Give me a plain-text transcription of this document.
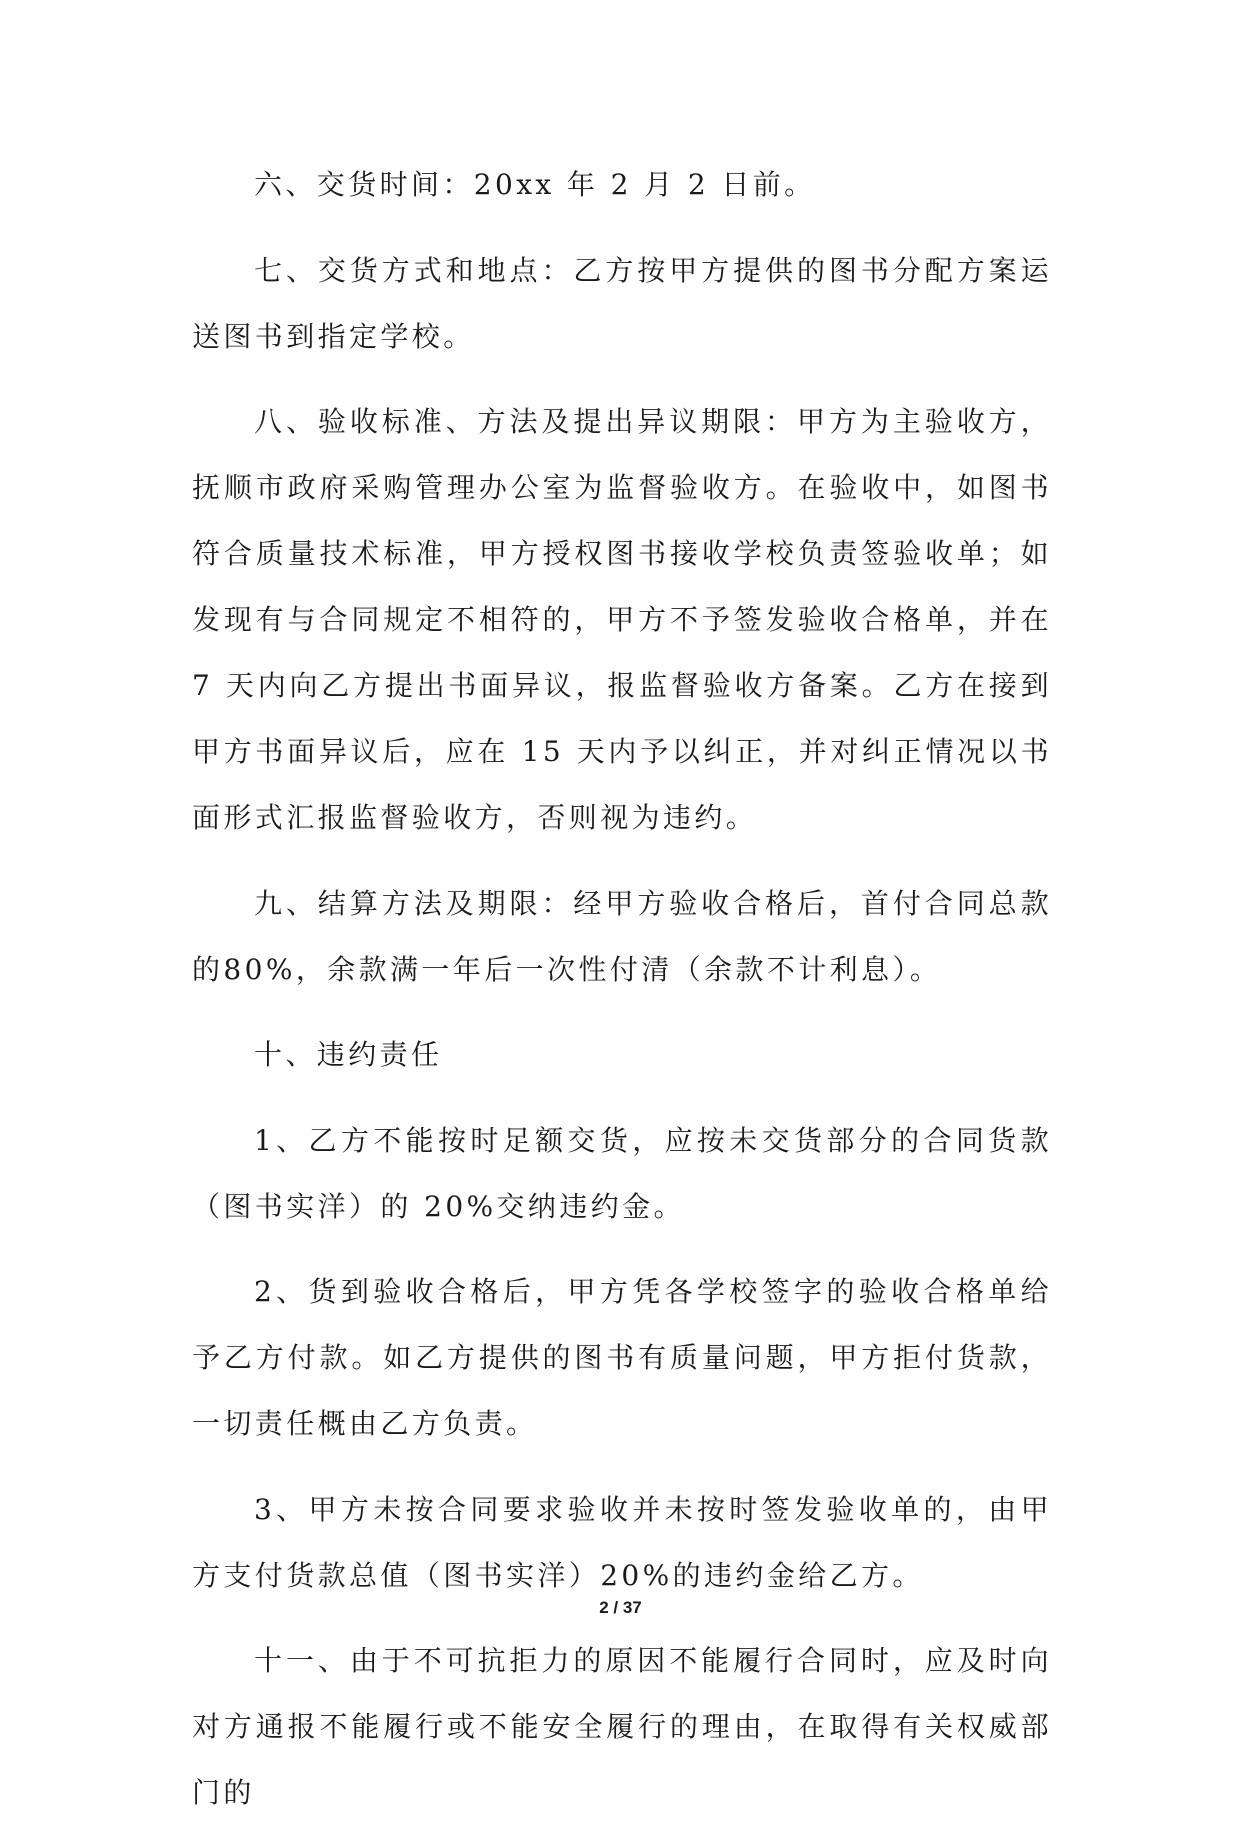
六、交货时间：20xx 年 2 月 2 日前。

七、交货方式和地点：乙方按甲方提供的图书分配方案运送图书到指定学校。

八、验收标准、方法及提出异议期限：甲方为主验收方，抚顺市政府采购管理办公室为监督验收方。在验收中，如图书符合质量技术标准，甲方授权图书接收学校负责签验收单；如发现有与合同规定不相符的，甲方不予签发验收合格单，并在 7 天内向乙方提出书面异议，报监督验收方备案。乙方在接到甲方书面异议后，应在 15 天内予以纠正，并对纠正情况以书面形式汇报监督验收方，否则视为违约。

九、结算方法及期限：经甲方验收合格后，首付合同总款的80%，余款满一年后一次性付清（余款不计利息）。

十、违约责任

1、乙方不能按时足额交货，应按未交货部分的合同货款（图书实洋）的 20%交纳违约金。

2、货到验收合格后，甲方凭各学校签字的验收合格单给予乙方付款。如乙方提供的图书有质量问题，甲方拒付货款，一切责任概由乙方负责。

3、甲方未按合同要求验收并未按时签发验收单的，由甲方支付货款总值（图书实洋）20%的违约金给乙方。

十一、由于不可抗拒力的原因不能履行合同时，应及时向对方通报不能履行或不能安全履行的理由，在取得有关权威部门的

2 / 37
